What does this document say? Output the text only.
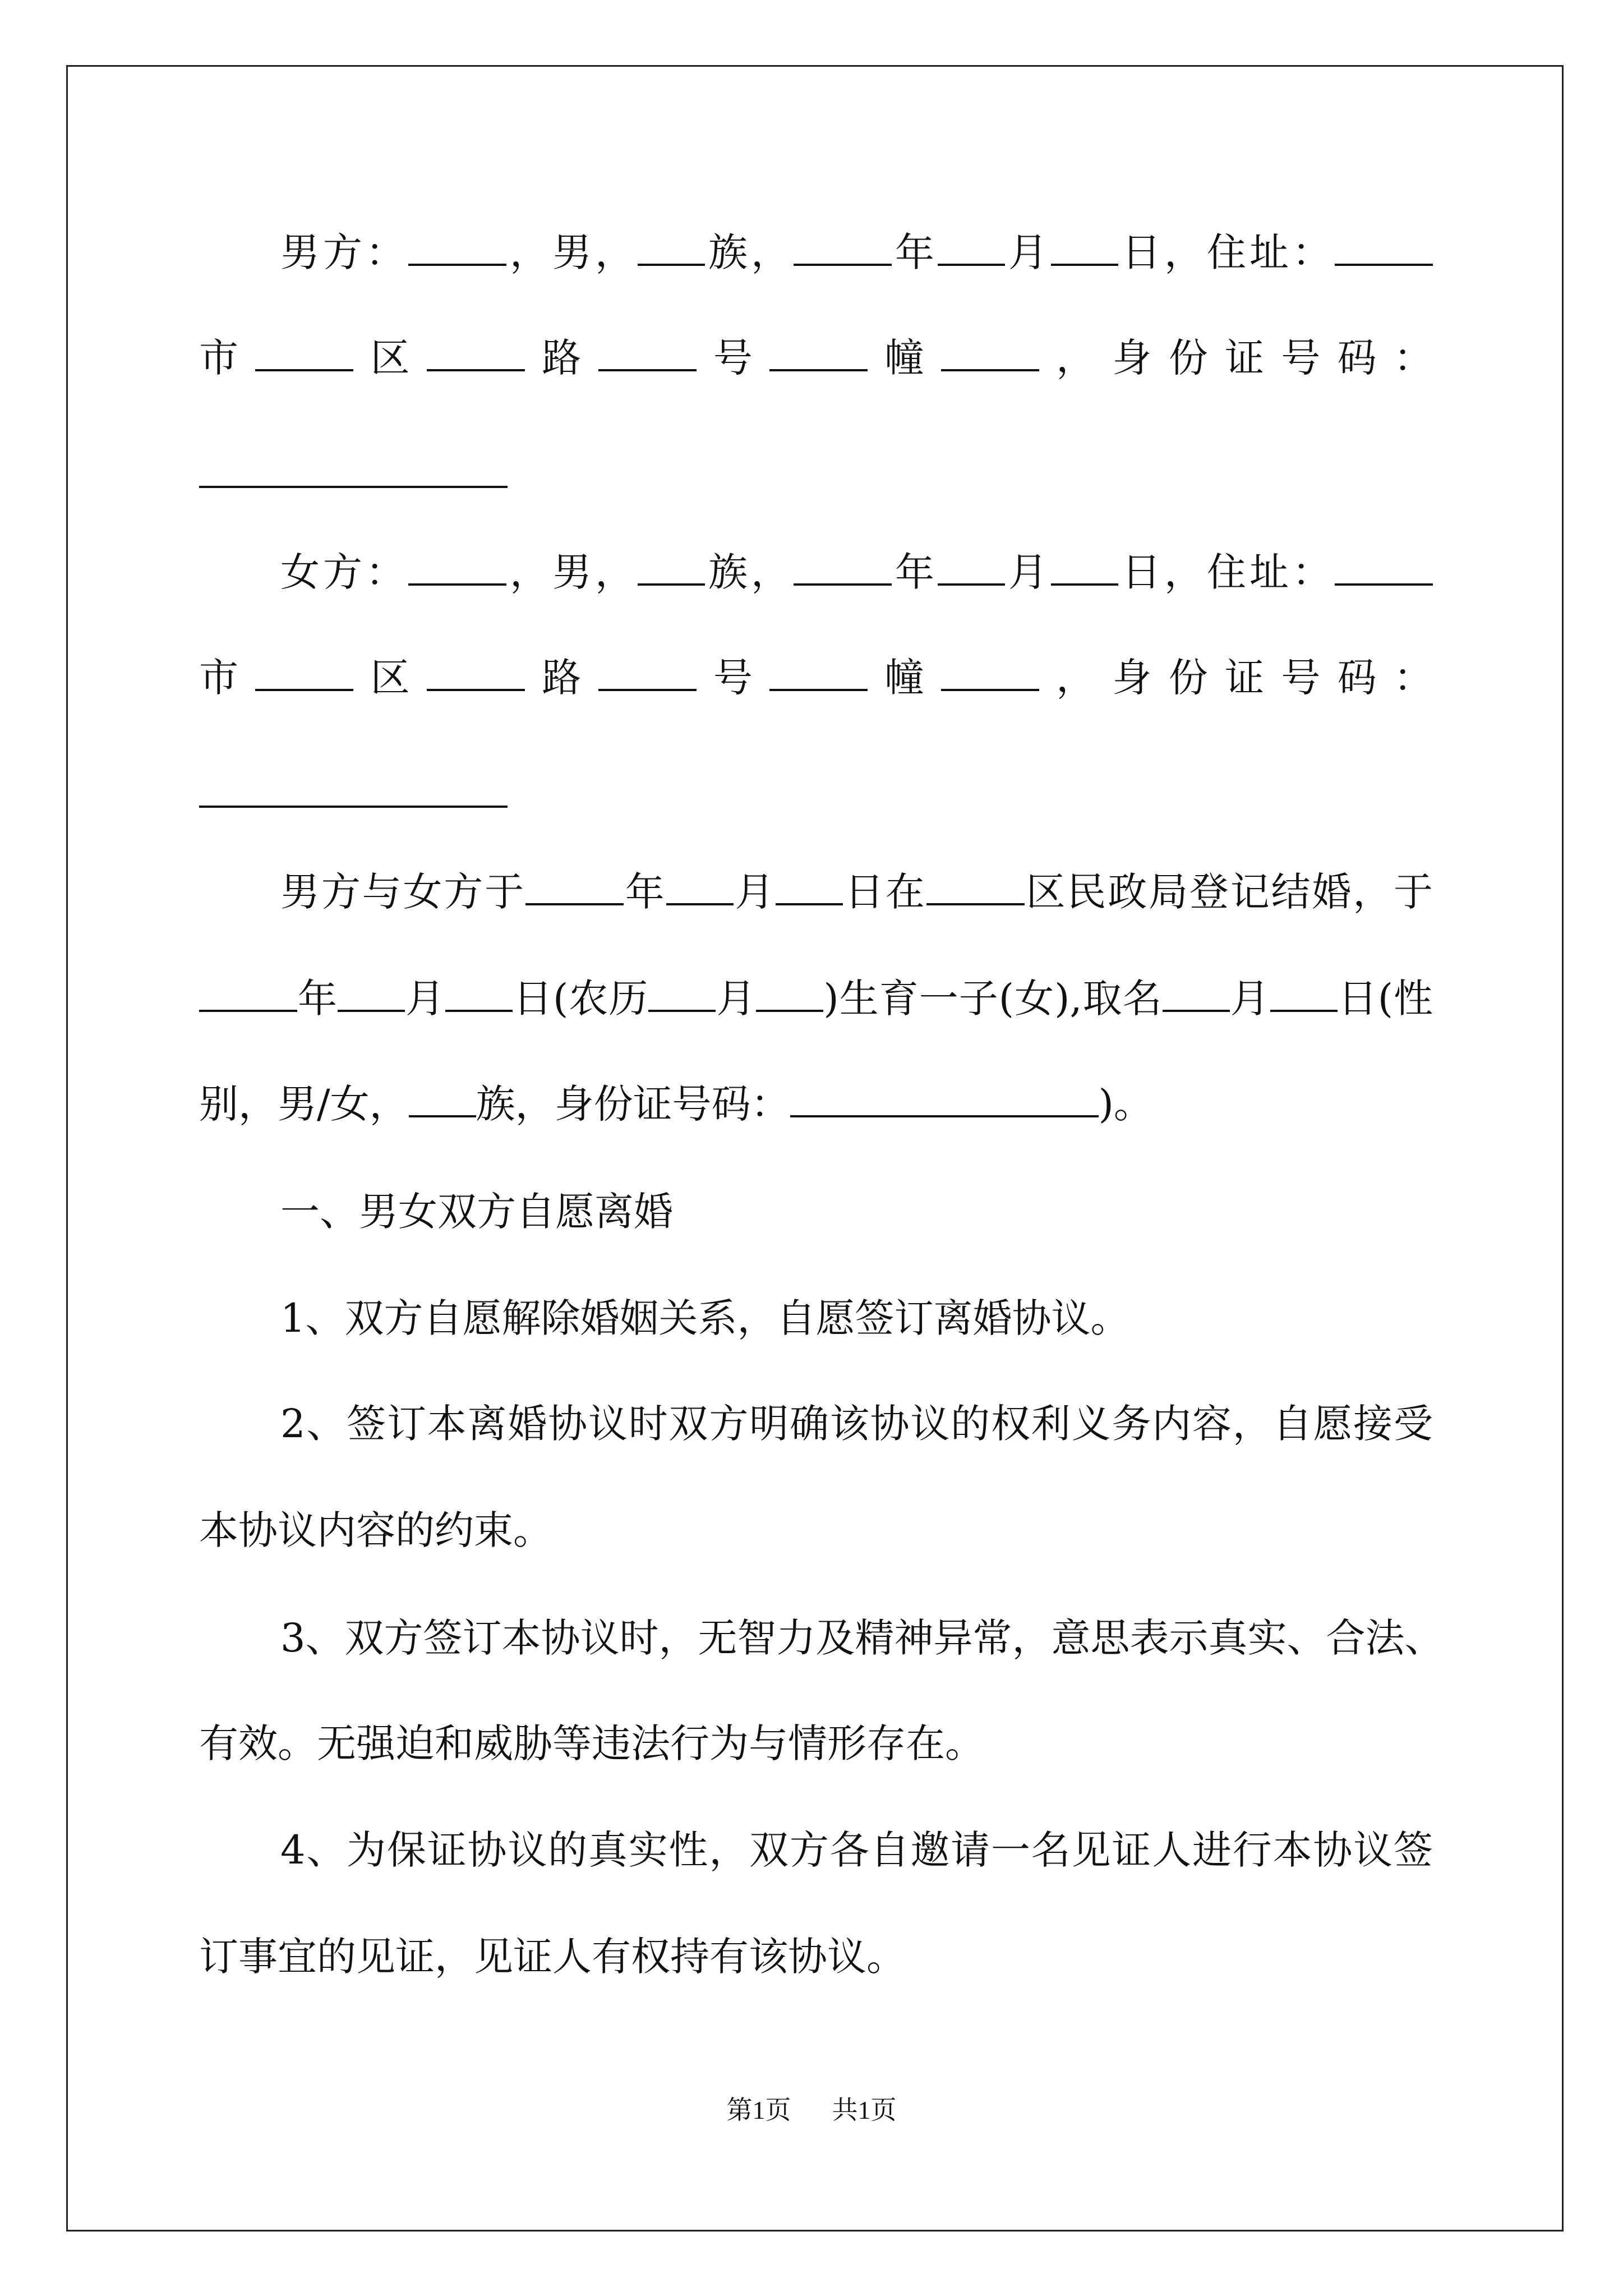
男方：	，男， 族，	年 月 日，住址：
市	区	路	号	幢	，身份证号码：
女方：	，男， 族，	年 月 日，住址：
市	区	路	号	幢	，身份证号码：
男方与女方于	年 月 日在	区民政局登记结婚，于
年 月 日(农历 月 )生育一子(女),取名 月 日(性
别，男/女， 族，身份证号码：	)。
一、男女双方自愿离婚
1、双方自愿解除婚姻关系，自愿签订离婚协议。
2、签订本离婚协议时双方明确该协议的权利义务内容，自愿接受
本协议内容的约束。
3、双方签订本协议时，无智力及精神异常，意思表示真实、合法、
有效。无强迫和威胁等违法行为与情形存在。
4、为保证协议的真实性，双方各自邀请一名见证人进行本协议签
订事宜的见证，见证人有权持有该协议。
第1页 共1页
